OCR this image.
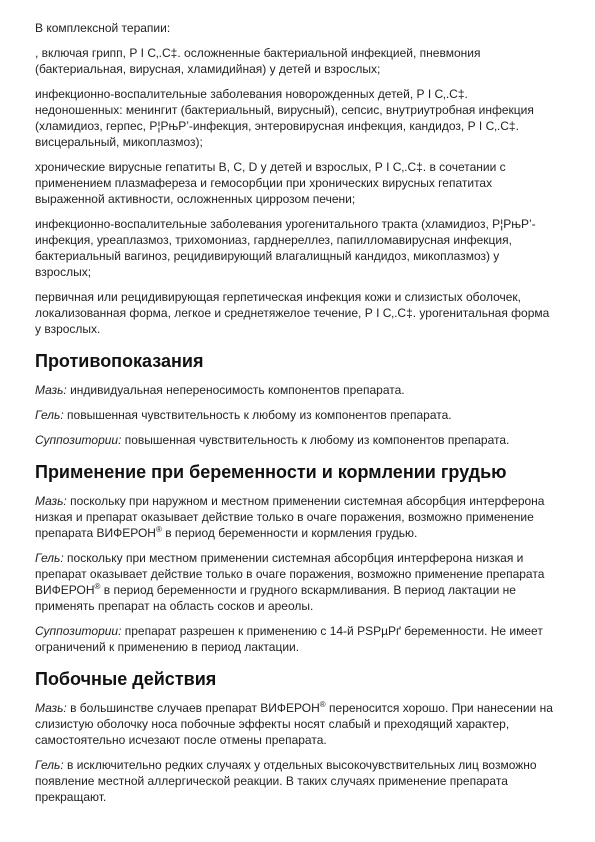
В комплексной терапии:

, включая грипп, Р І С‚.С‡. осложненные бактериальной инфекцией, пневмония (бактериальная, вирусная, хламидийная) у детей и взрослых;

инфекционно-воспалительные заболевания новорожденных детей, Р І С‚.С‡. недоношенных: менингит (бактериальный, вирусный), сепсис, внутриутробная инфекция (хламидиоз, герпес, Р¦РњР’-инфекция, энтеровирусная инфекция, кандидоз, Р І С‚.С‡. висцеральный, микоплазмоз);

хронические вирусные гепатиты В, С, D у детей и взрослых, Р І С‚.С‡. в сочетании с применением плазмафереза и гемосорбции при хронических вирусных гепатитах выраженной активности, осложненных циррозом печени;

инфекционно-воспалительные заболевания урогенитального тракта (хламидиоз, Р¦РњР’-инфекция, уреаплазмоз, трихомониаз, гарднереллез, папилломавирусная инфекция, бактериальный вагиноз, рецидивирующий влагалищный кандидоз, микоплазмоз) у взрослых;

первичная или рецидивирующая герпетическая инфекция кожи и слизистых оболочек, локализованная форма, легкое и среднетяжелое течение, Р І С‚.С‡. урогенитальная форма у взрослых.

Противопоказания

Мазь: индивидуальная непереносимость компонентов препарата.

Гель: повышенная чувствительность к любому из компонентов препарата.

Суппозитории: повышенная чувствительность к любому из компонентов препарата.

Применение при беременности и кормлении грудью

Мазь: поскольку при наружном и местном применении системная абсорбция интерферона низкая и препарат оказывает действие только в очаге поражения, возможно применение препарата ВИФЕРОН® в период беременности и кормления грудью.

Гель: поскольку при местном применении системная абсорбция интерферона низкая и препарат оказывает действие только в очаге поражения, возможно применение препарата ВИФЕРОН® в период беременности и грудного вскармливания. В период лактации не применять препарат на область сосков и ареолы.

Суппозитории: препарат разрешен к применению с 14-й РЅРµРґ беременности. Не имеет ограничений к применению в период лактации.

Побочные действия

Мазь: в большинстве случаев препарат ВИФЕРОН® переносится хорошо. При нанесении на слизистую оболочку носа побочные эффекты носят слабый и преходящий характер, самостоятельно исчезают после отмены препарата.

Гель: в исключительно редких случаях у отдельных высокочувствительных лиц возможно появление местной аллергической реакции. В таких случаях применение препарата прекращают.
